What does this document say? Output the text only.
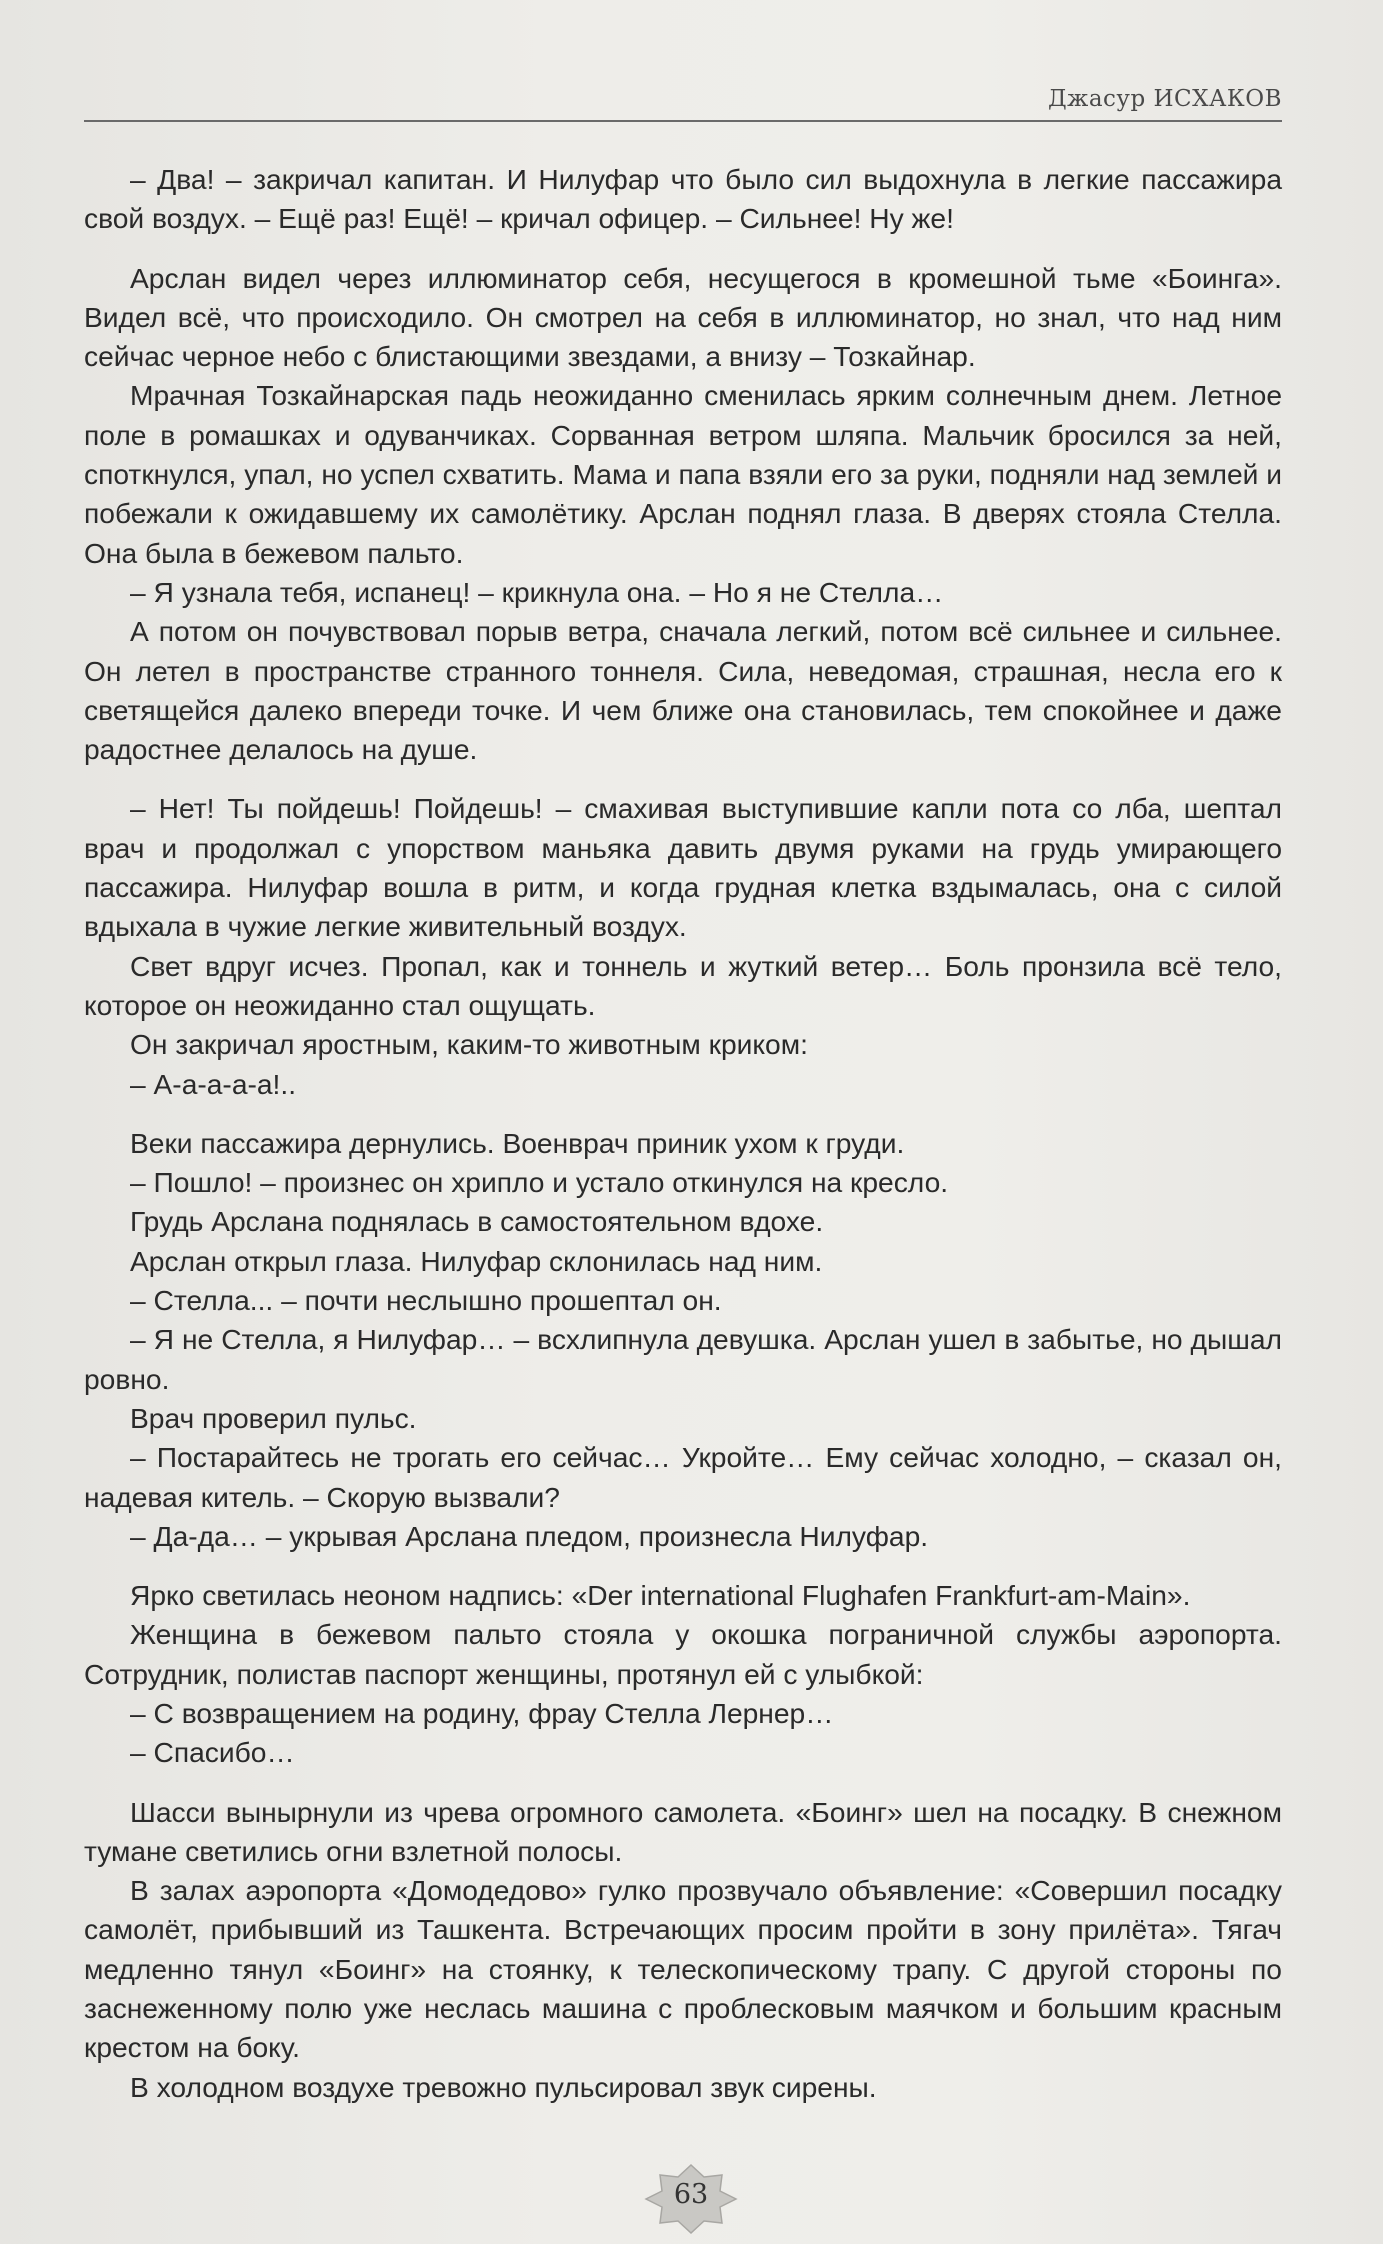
Джасур ИСХАКОВ

– Два! – закричал капитан. И Нилуфар что было сил выдохнула в легкие пассажира свой воздух. – Ещё раз! Ещё! – кричал офицер. – Сильнее! Ну же!

Арслан видел через иллюминатор себя, несущегося в кромешной тьме «Боинга». Видел всё, что происходило. Он смотрел на себя в иллюминатор, но знал, что над ним сейчас черное небо с блистающими звездами, а внизу – Тозкайнар.

Мрачная Тозкайнарская падь неожиданно сменилась ярким солнечным днем. Летное поле в ромашках и одуванчиках. Сорванная ветром шляпа. Мальчик бросился за ней, споткнулся, упал, но успел схватить. Мама и папа взяли его за руки, подняли над землей и побежали к ожидавшему их самолётику. Арслан поднял глаза. В дверях стояла Стелла. Она была в бежевом пальто.

– Я узнала тебя, испанец! – крикнула она. – Но я не Стелла…

А потом он почувствовал порыв ветра, сначала легкий, потом всё сильнее и сильнее. Он летел в пространстве странного тоннеля. Сила, неведомая, страшная, несла его к светящейся далеко впереди точке. И чем ближе она становилась, тем спокойнее и даже радостнее делалось на душе.

– Нет! Ты пойдешь! Пойдешь! – смахивая выступившие капли пота со лба, шептал врач и продолжал с упорством маньяка давить двумя руками на грудь умирающего пассажира. Нилуфар вошла в ритм, и когда грудная клетка вздымалась, она с силой вдыхала в чужие легкие живительный воздух.

Свет вдруг исчез. Пропал, как и тоннель и жуткий ветер… Боль пронзила всё тело, которое он неожиданно стал ощущать.

Он закричал яростным, каким-то животным криком:

– А-а-а-а-а!..

Веки пассажира дернулись. Военврач приник ухом к груди.

– Пошло! – произнес он хрипло и устало откинулся на кресло.

Грудь Арслана поднялась в самостоятельном вдохе.

Арслан открыл глаза. Нилуфар склонилась над ним.

– Стелла... – почти неслышно прошептал он.

– Я не Стелла, я Нилуфар… – всхлипнула девушка. Арслан ушел в забытье, но дышал ровно.

Врач проверил пульс.

– Постарайтесь не трогать его сейчас… Укройте… Ему сейчас холодно, – сказал он, надевая китель. – Скорую вызвали?

– Да-да… – укрывая Арслана пледом, произнесла Нилуфар.

Ярко светилась неоном надпись: «Der international Flughafen Frankfurt-am-Main».

Женщина в бежевом пальто стояла у окошка пограничной службы аэропорта. Сотрудник, полистав паспорт женщины, протянул ей с улыбкой:

– С возвращением на родину, фрау Стелла Лернер…

– Спасибо…

Шасси вынырнули из чрева огромного самолета. «Боинг» шел на посадку. В снежном тумане светились огни взлетной полосы.

В залах аэропорта «Домодедово» гулко прозвучало объявление: «Совершил посадку самолёт, прибывший из Ташкента. Встречающих просим пройти в зону прилёта». Тягач медленно тянул «Боинг» на стоянку, к телескопическому трапу. С другой стороны по заснеженному полю уже неслась машина с проблесковым маячком и большим красным крестом на боку.

В холодном воздухе тревожно пульсировал звук сирены.

63
